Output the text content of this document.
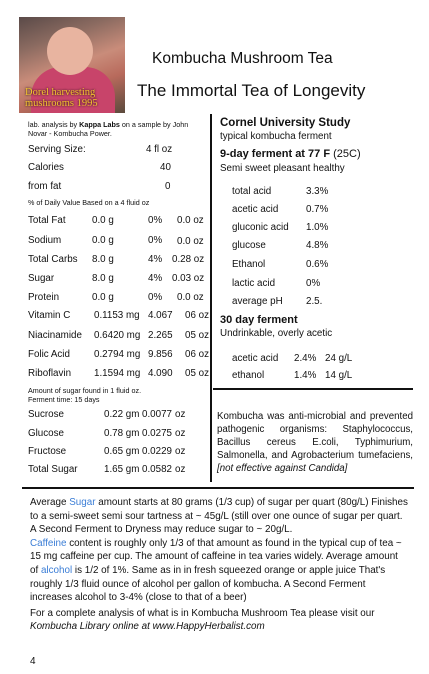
Dorel harvesting
mushrooms 1995
Kombucha Mushroom Tea
The Immortal Tea of Longevity
lab. analysis by Kappa Labs on a sample by John
Novar - Kombucha Power.
Serving Size:	4 fl oz
Calories	40
from fat	0
% of Daily Value Based on a 4 fluid oz
Total Fat	0.0 g	0% 0.0 oz
Sodium	0.0 g	0% 0.0 oz
Total Carbs 8.0 g	4% 0.28 oz
Sugar	8.0 g	4% 0.03 oz
Protein	0.0 g	0% 0.0 oz
Vitamin C 0.1153 mg 4.067 06 oz
Niacinamide 0.6420 mg 2.265 05 oz
Folic Acid 0.2794 mg 9.856 06 oz
Riboflavin 1.1594 mg 4.090 05 oz
Amount of sugar found in 1 fluid oz.
Ferment time: 15 days
Sucrose	0.22 gm 0.0077 oz
Glucose	0.78 gm 0.0275 oz
Fructose	0.65 gm 0.0229 oz
Total Sugar	1.65 gm 0.0582 oz
Cornel University Study
typical kombucha ferment
9-day ferment at 77 F (25C)
Semi sweet pleasant healthy
total acid	3.3%
acetic acid	0.7%
gluconic acid 1.0%
glucose	4.8%
Ethanol	0.6%
lactic acid	0%
average pH 2.5.
30 day ferment
Undrinkable, overly acetic
acetic acid 2.4% 24 g/L
ethanol	1.4% 14 g/L
Kombucha was anti-microbial and prevented pathogenic organisms: Staphylococcus, Bacillus cereus E.coli, Typhimurium, Salmonella, and Agrobacterium tumefaciens, [not effective against Candida]

Average Sugar amount starts at 80 grams (1/3 cup) of sugar per quart (80g/L) Finishes to a semi-sweet semi sour tartness at ~ 45g/L (still over one ounce of sugar per quart. A Second Ferment to Dryness may reduce sugar to ~ 20g/L.

Caffeine content is roughly only 1/3 of that amount as found in the typical cup of tea ~ 15 mg caffeine per cup. The amount of caffeine in tea varies widely. Average amount of alcohol is 1/2 of 1%. Same as in in fresh squeezed orange or apple juice That's roughly 1/3 fluid ounce of alcohol per gallon of kombucha. A Second Ferment increases alcohol to 3-4% (close to that of a beer)

For a complete analysis of what is in Kombucha Mushroom Tea please visit our
Kombucha Library online at www.HappyHerbalist.com

4
